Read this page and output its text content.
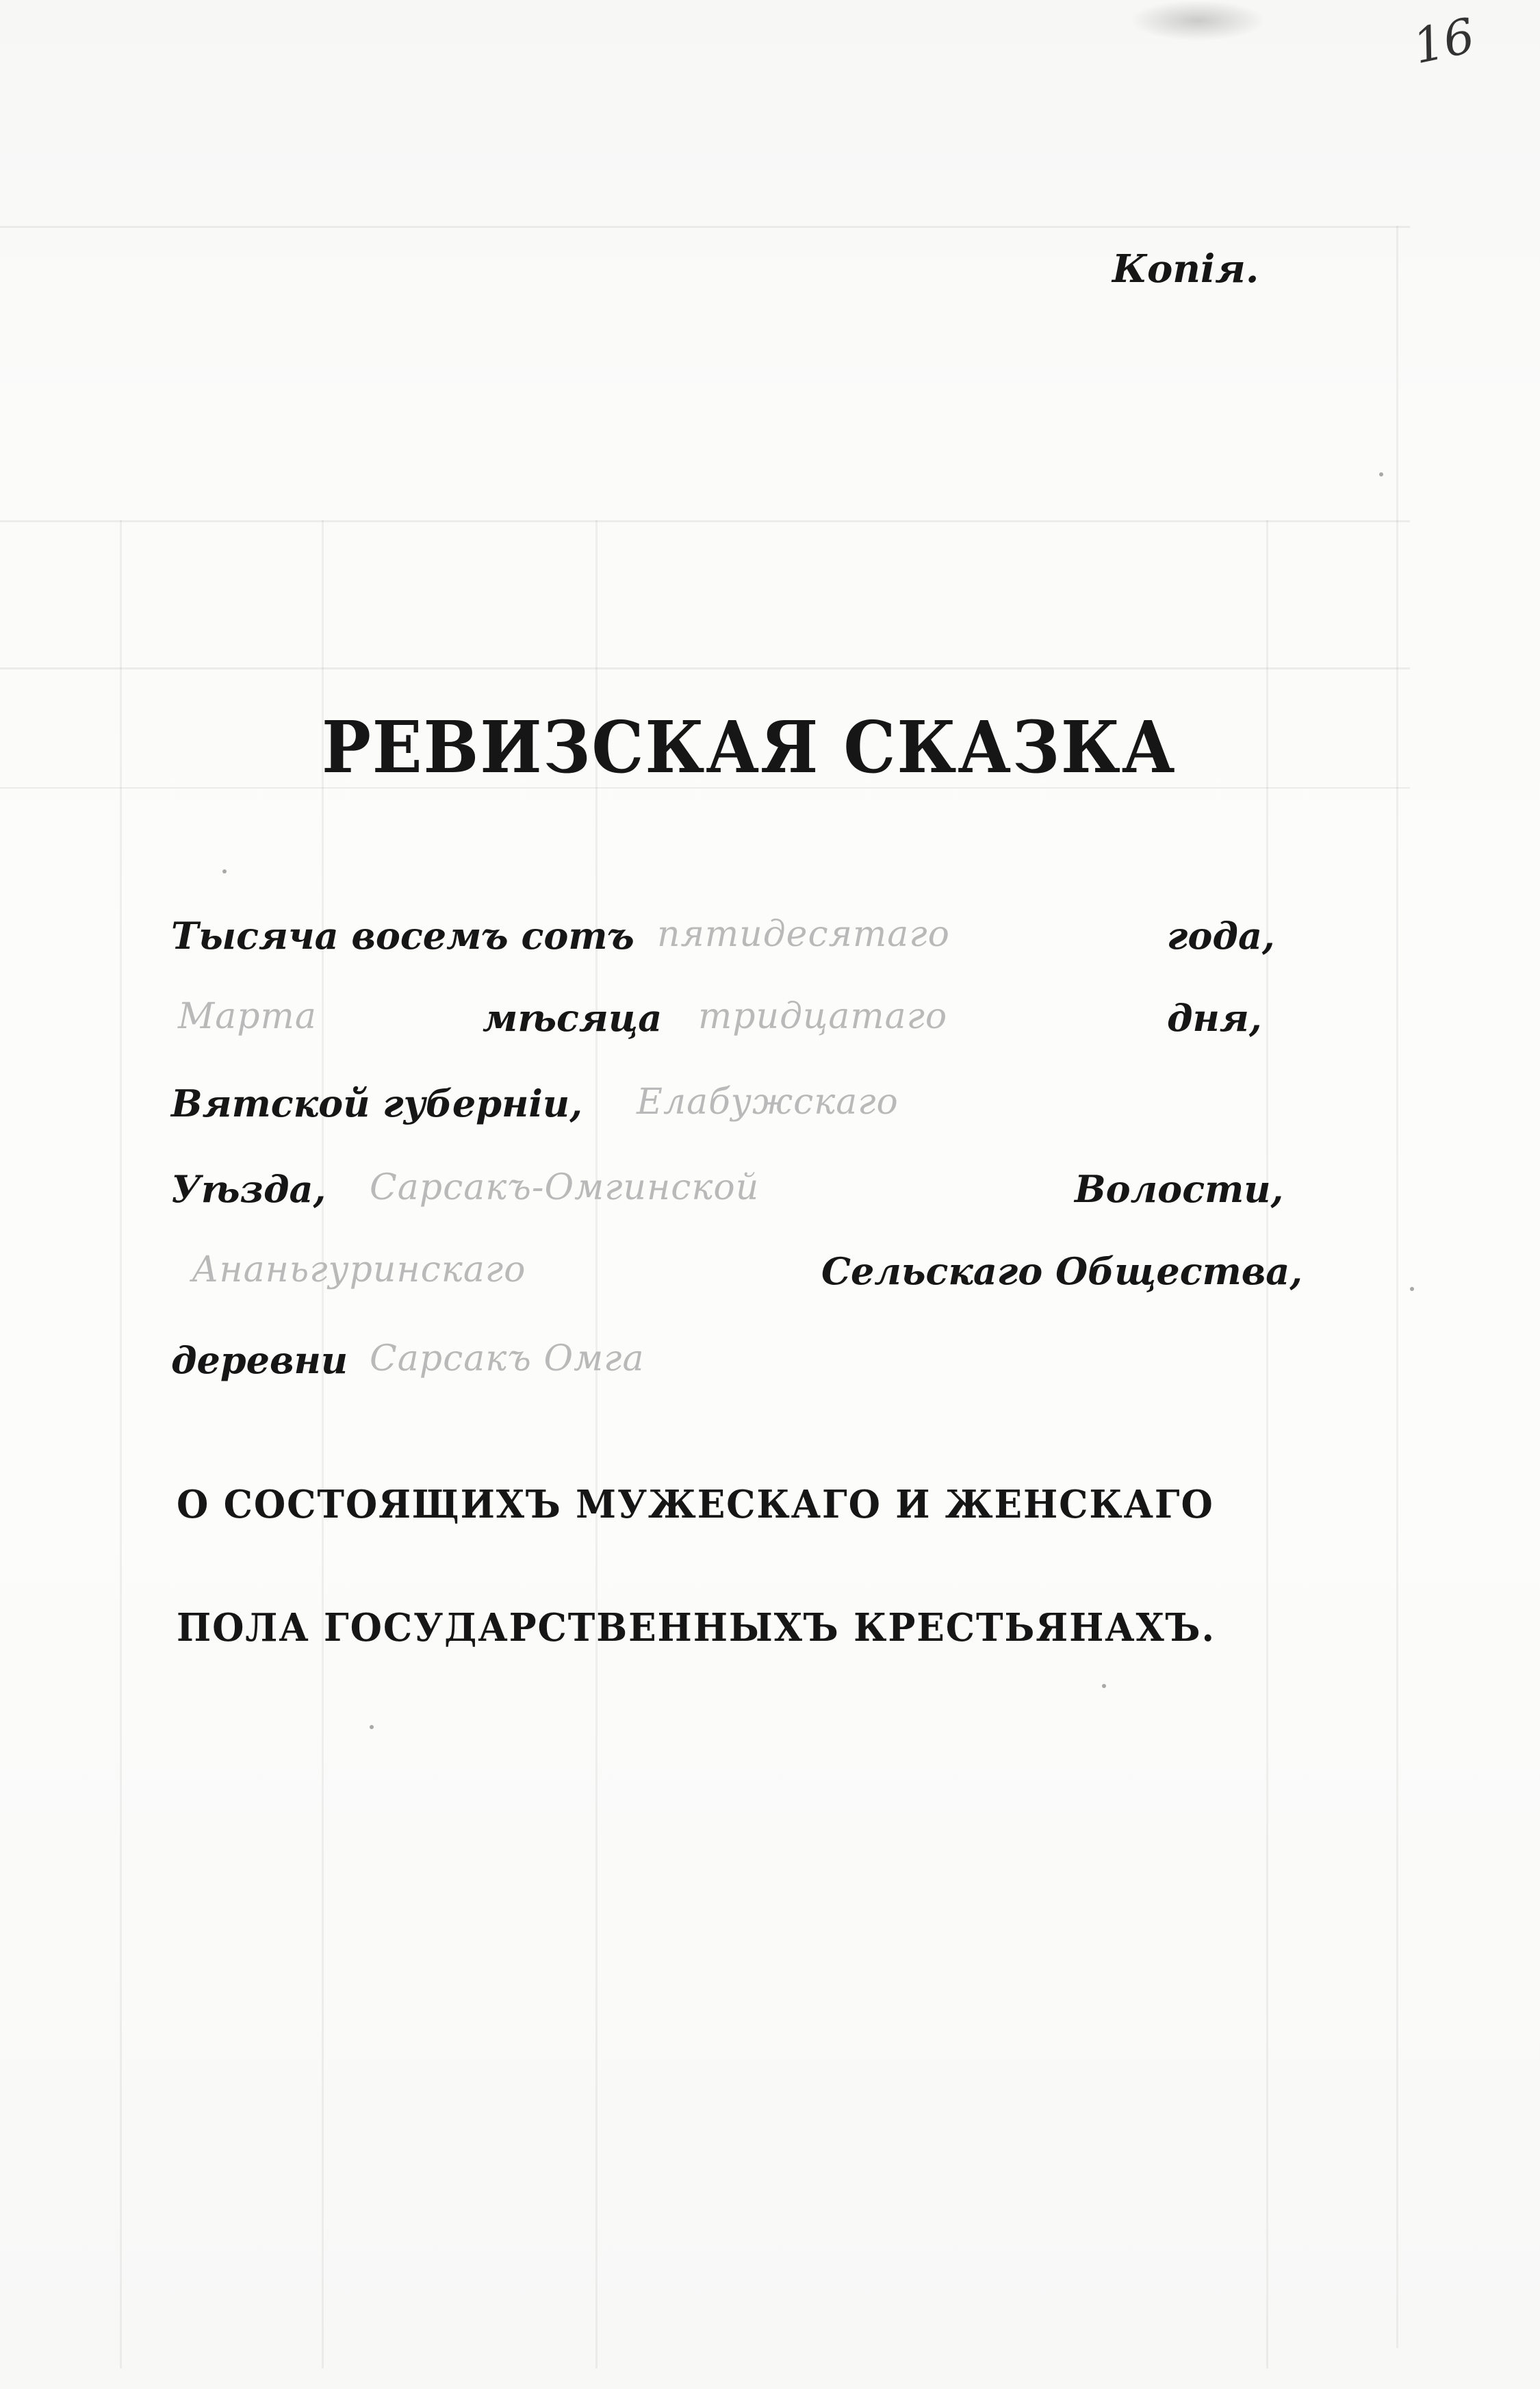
16
Копія.
РЕВИЗСКАЯ СКАЗКА
Тысяча восемъ сотъ пятидесятаго	года,
Марта	мѣсяца тридцатаго	дня,
Вятской губерніи, Елабужскаго
Уѣзда, Сарсакъ-Омгинской	Волости,
Ананьгуринскаго	Сельскаго Общества,
деревни Сарсакъ Омга
О СОСТОЯЩИХЪ МУЖЕСКАГО И ЖЕНСКАГО
ПОЛА ГОСУДАРСТВЕННЫХЪ КРЕСТЬЯНАХЪ.
